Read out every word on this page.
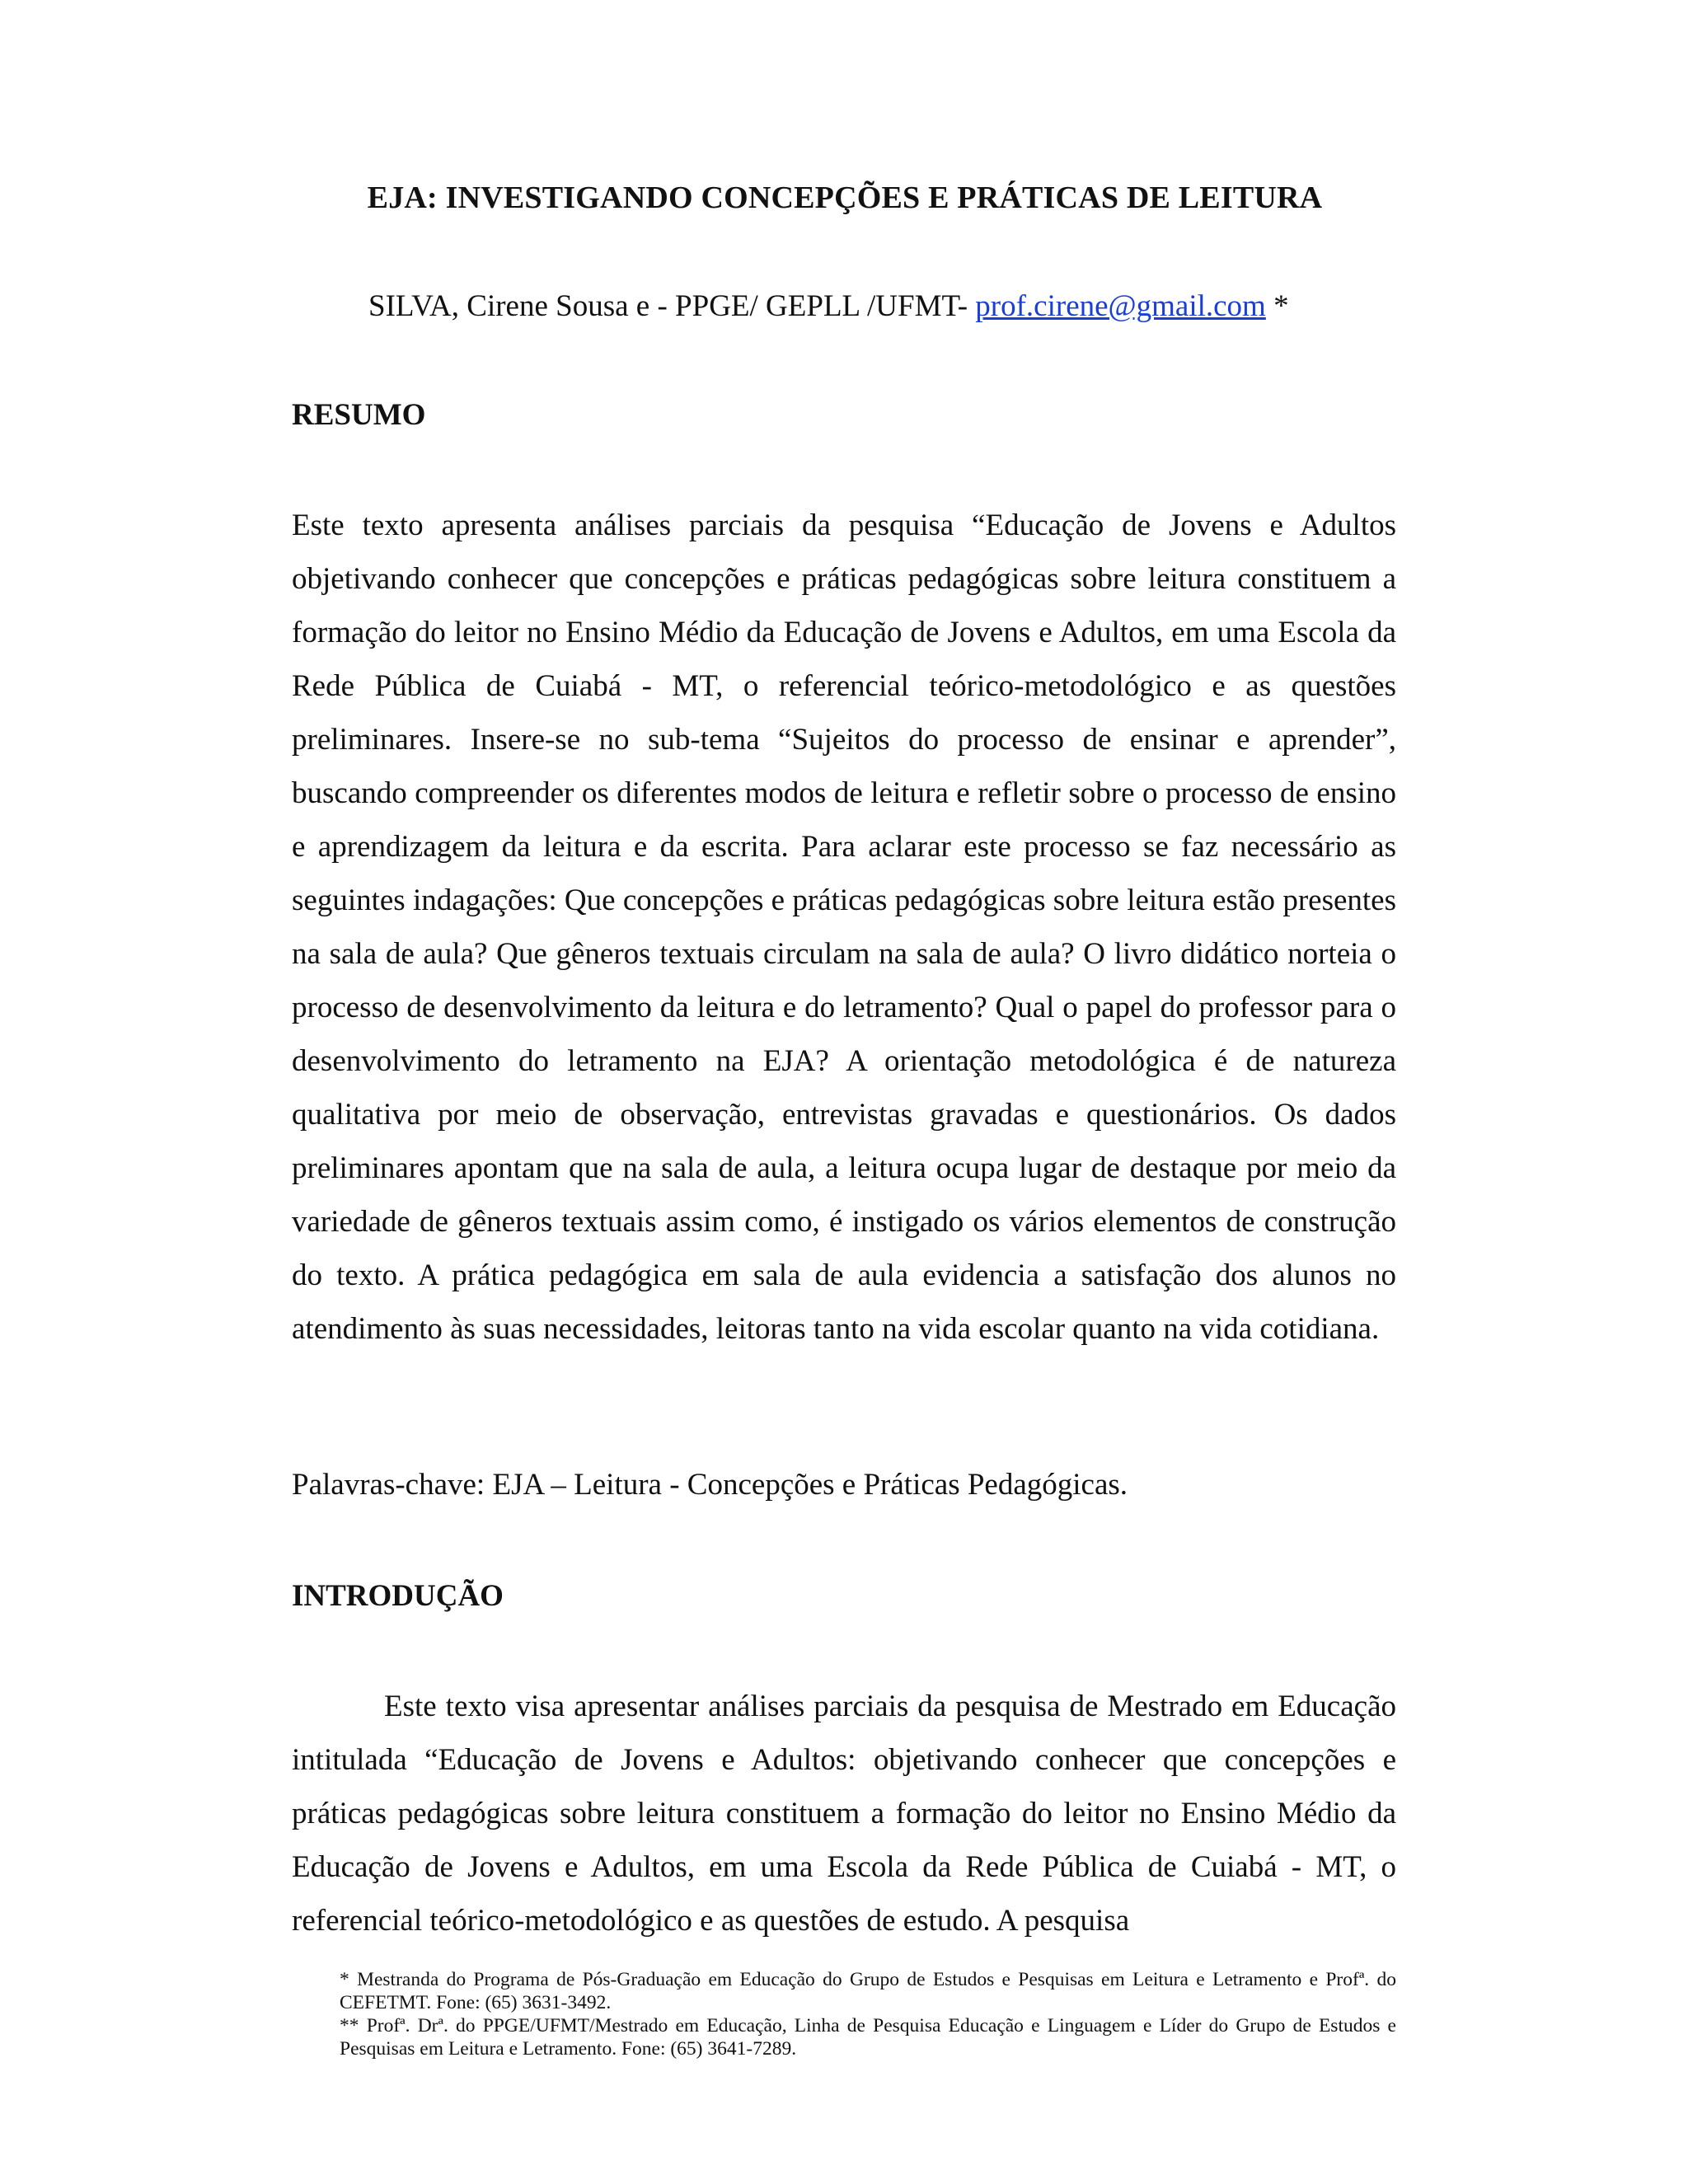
EJA: INVESTIGANDO CONCEPÇÕES E PRÁTICAS DE LEITURA

SILVA, Cirene Sousa e - PPGE/ GEPLL /UFMT- prof.cirene@gmail.com *

RESUMO

Este texto apresenta análises parciais da pesquisa “Educação de Jovens e Adultos objetivando conhecer que concepções e práticas pedagógicas sobre leitura constituem a formação do leitor no Ensino Médio da Educação de Jovens e Adultos, em uma Escola da Rede Pública de Cuiabá - MT, o referencial teórico-metodológico e as questões preliminares. Insere-se no sub-tema “Sujeitos do processo de ensinar e aprender”, buscando compreender os diferentes modos de leitura e refletir sobre o processo de ensino e aprendizagem da leitura e da escrita. Para aclarar este processo se faz necessário as seguintes indagações: Que concepções e práticas pedagógicas sobre leitura estão presentes na sala de aula? Que gêneros textuais circulam na sala de aula? O livro didático norteia o processo de desenvolvimento da leitura e do letramento? Qual o papel do professor para o desenvolvimento do letramento na EJA? A orientação metodológica é de natureza qualitativa por meio de observação, entrevistas gravadas e questionários. Os dados preliminares apontam que na sala de aula, a leitura ocupa lugar de destaque por meio da variedade de gêneros textuais assim como, é instigado os vários elementos de construção do texto. A prática pedagógica em sala de aula evidencia a satisfação dos alunos no atendimento às suas necessidades, leitoras tanto na vida escolar quanto na vida cotidiana.

Palavras-chave: EJA – Leitura - Concepções e Práticas Pedagógicas.

INTRODUÇÃO

Este texto visa apresentar análises parciais da pesquisa de Mestrado em Educação intitulada “Educação de Jovens e Adultos: objetivando conhecer que concepções e práticas pedagógicas sobre leitura constituem a formação do leitor no Ensino Médio da Educação de Jovens e Adultos, em uma Escola da Rede Pública de Cuiabá - MT, o referencial teórico-metodológico e as questões de estudo. A pesquisa

* Mestranda do Programa de Pós-Graduação em Educação do Grupo de Estudos e Pesquisas em Leitura e Letramento e Profª. do CEFETMT. Fone: (65) 3631-3492.

** Profª. Drª. do PPGE/UFMT/Mestrado em Educação, Linha de Pesquisa Educação e Linguagem e Líder do Grupo de Estudos e Pesquisas em Leitura e Letramento. Fone: (65) 3641-7289.
